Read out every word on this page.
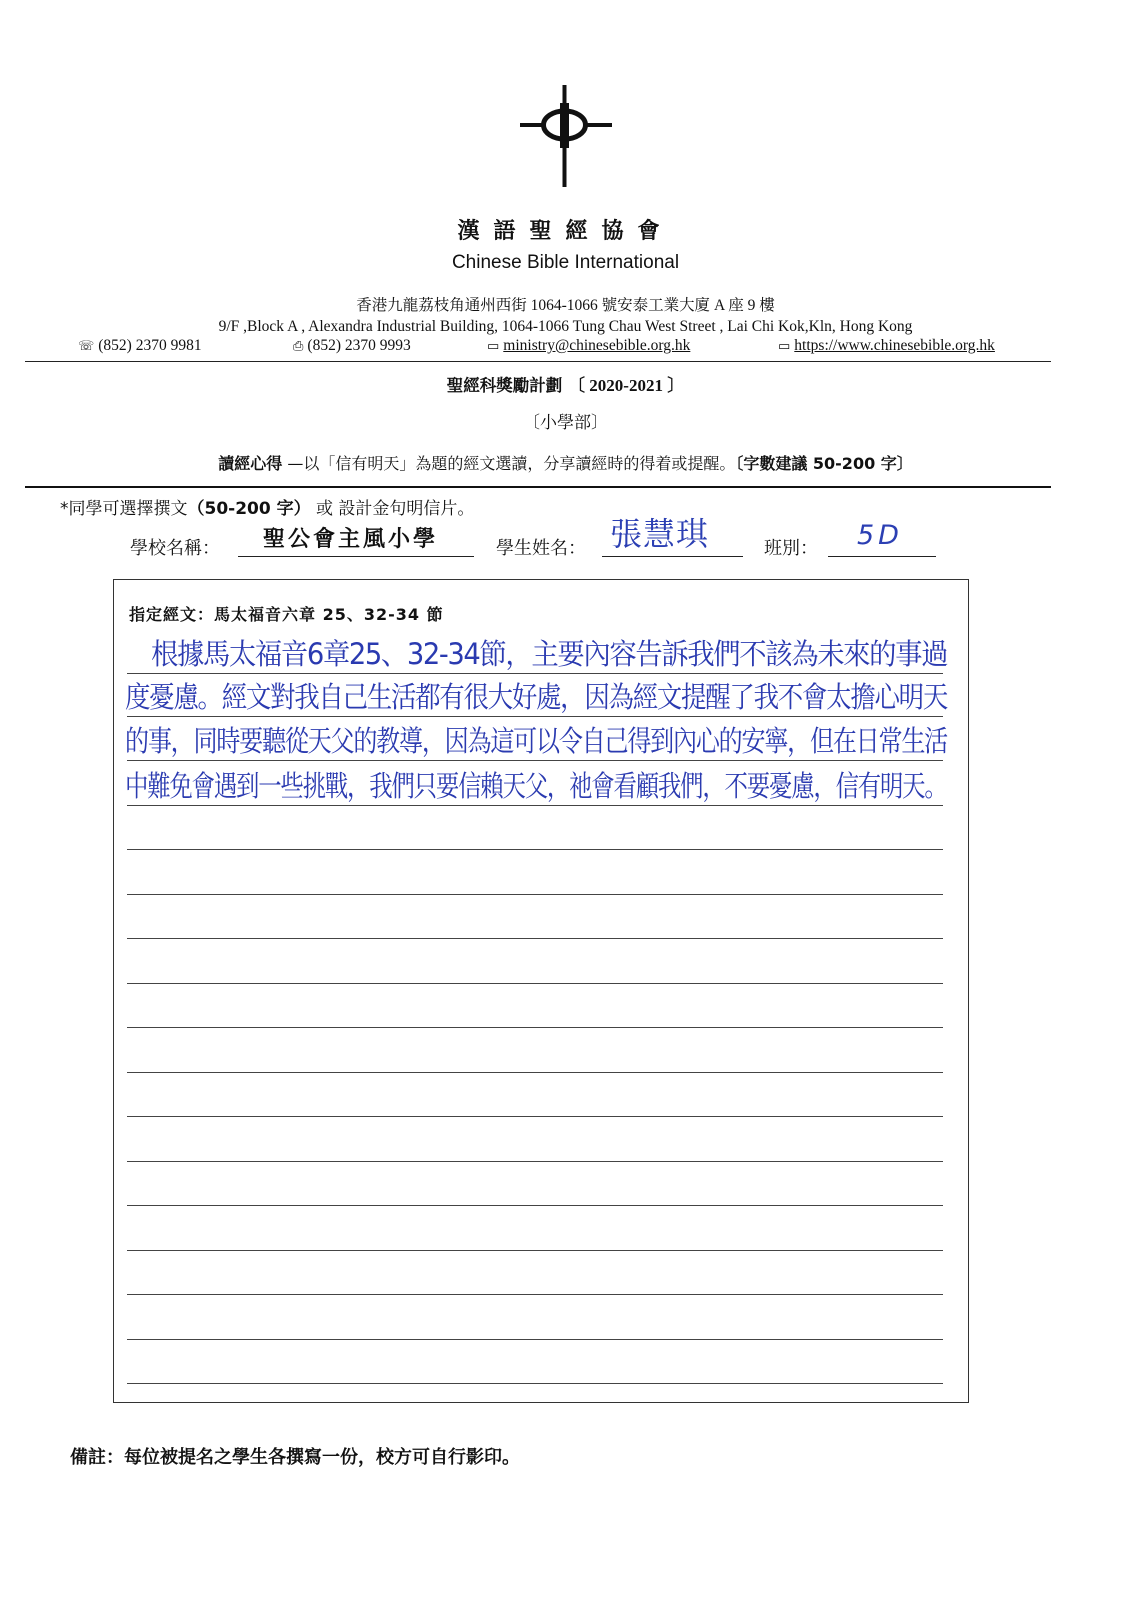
漢語聖經協會
Chinese Bible International
香港九龍荔枝角通州西街 1064-1066 號安泰工業大廈 A 座 9 樓
9/F ,Block A , Alexandra Industrial Building, 1064-1066 Tung Chau West Street , Lai Chi Kok,Kln, Hong Kong
☏ (852) 2370 9981	⎙ (852) 2370 9993	▭ ministry@chinesebible.org.hk	▭ https://www.chinesebible.org.hk
聖經科獎勵計劃 〔 2020-2021 〕
〔小學部〕
讀經心得 —以「信有明天」為題的經文選讀，分享讀經時的得着或提醒。〔字數建議 50-200 字〕
*同學可選擇撰文（50-200 字） 或 設計金句明信片。
學校名稱： 聖公會主風小學	學生姓名： 張慧琪	班別： 5D
指定經文：馬太福音六章 25、32-34 節
　根據馬太福音6章25、32-34節，主要內容告訴我們不該為未來的事過
度憂慮。經文對我自己生活都有很大好處，因為經文提醒了我不會太擔心明天
的事，同時要聽從天父的教導，因為這可以令自己得到內心的安寧，但在日常生活
中難免會遇到一些挑戰，我們只要信賴天父，祂會看顧我們，不要憂慮，信有明天。
備註：每位被提名之學生各撰寫一份，校方可自行影印。
